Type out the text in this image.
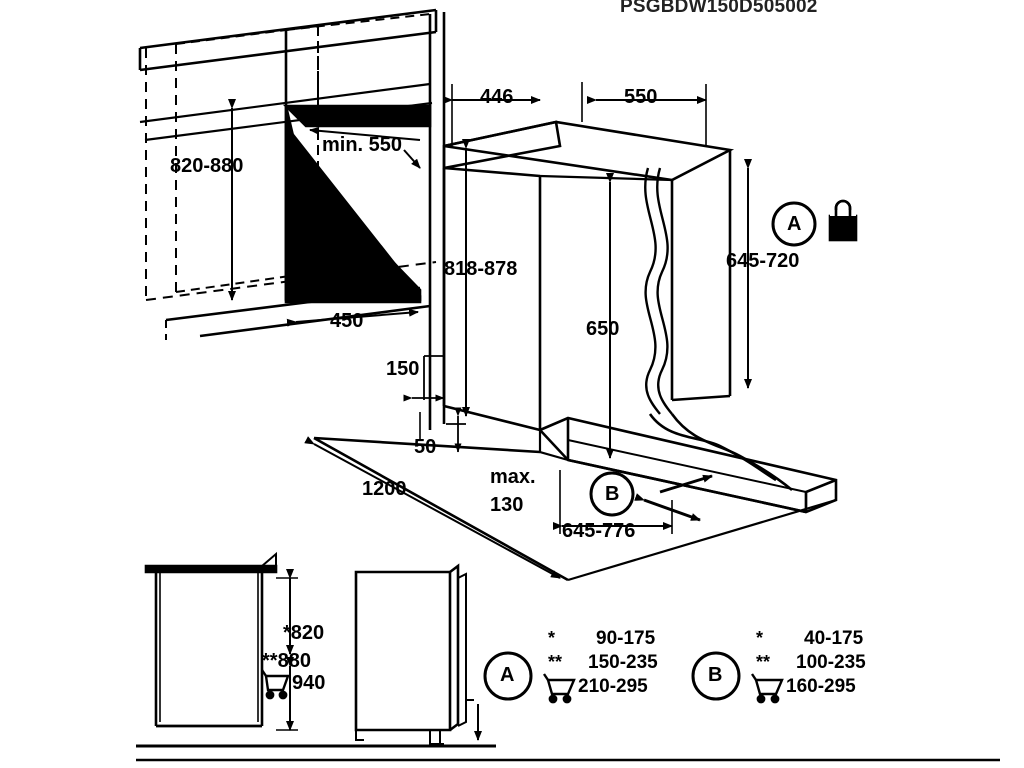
PSGBDW150D505002
820-880
min. 550
446	550
450
818-878
650
645-720
150
50
1200
max.
130
645-776
*820
**880
940
A
B
A	B
* 90-175
** 150-235
210-295
* 40-175
** 100-235
160-295
